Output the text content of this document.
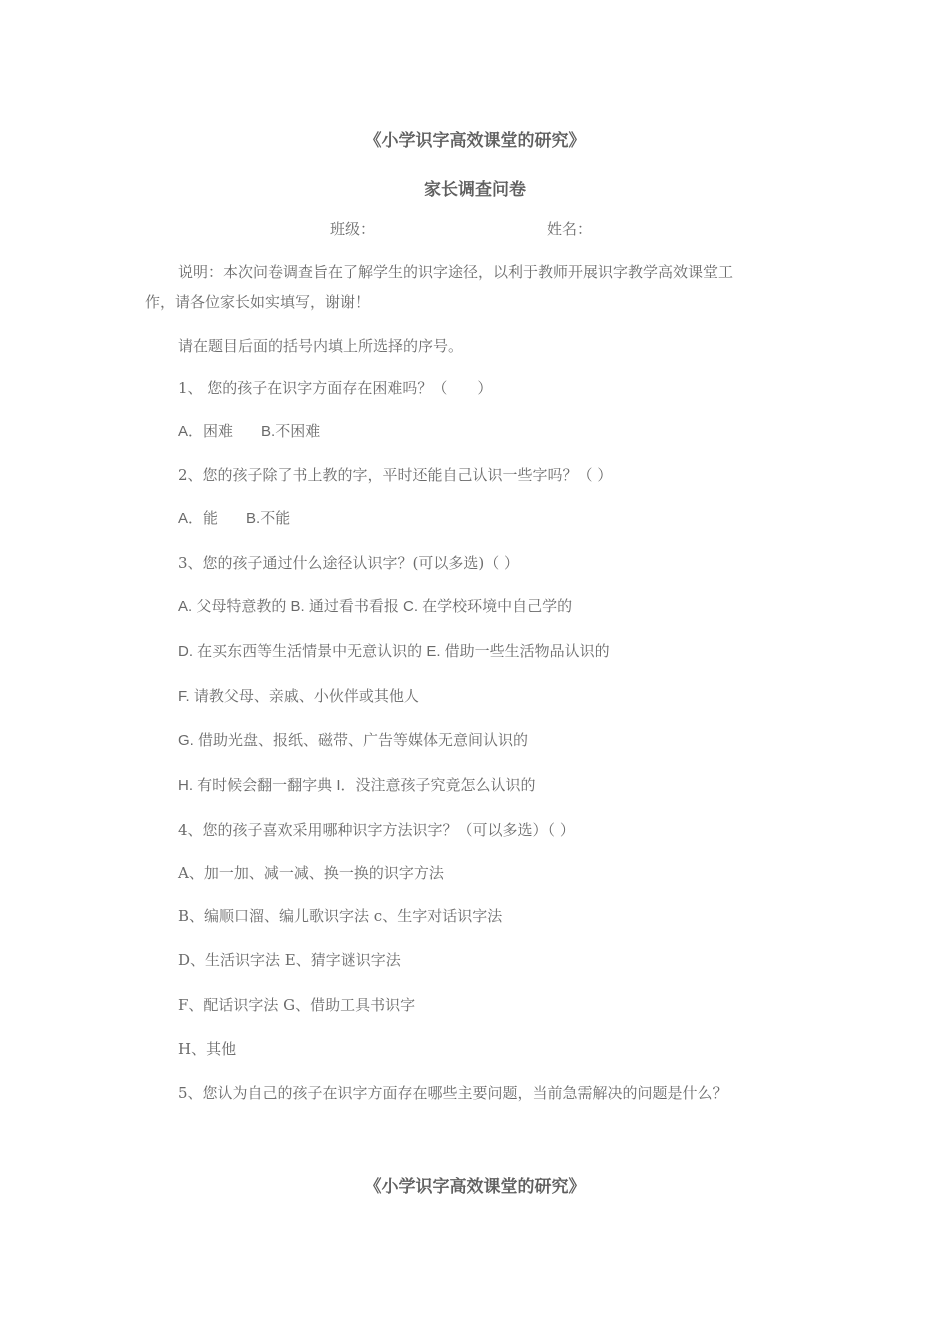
《小学识字高效课堂的研究》
家长调查问卷
班级：	姓名：
说明：本次问卷调查旨在了解学生的识字途径，以利于教师开展识字教学高效课堂工
作，请各位家长如实填写，谢谢！
请在题目后面的括号内填上所选择的序号。
1、 您的孩子在识字方面存在困难吗？（　　）
A．困难 B.不困难
2、您的孩子除了书上教的字，平时还能自己认识一些字吗？（ ）
A．能 B.不能
3、您的孩子通过什么途径认识字？(可以多选)（ ）
A. 父母特意教的 B. 通过看书看报 C. 在学校环境中自己学的
D. 在买东西等生活情景中无意认识的 E. 借助一些生活物品认识的
F. 请教父母、亲戚、小伙伴或其他人
G. 借助光盘、报纸、磁带、广告等媒体无意间认识的
H. 有时候会翻一翻字典 I．没注意孩子究竟怎么认识的
4、您的孩子喜欢采用哪种识字方法识字？（可以多选）（ ）
A、加一加、减一减、换一换的识字方法
B、编顺口溜、编儿歌识字法 c、生字对话识字法
D、生活识字法 E、猜字谜识字法
F、配话识字法 G、借助工具书识字
H、其他
5、您认为自己的孩子在识字方面存在哪些主要问题，当前急需解决的问题是什么？
《小学识字高效课堂的研究》
